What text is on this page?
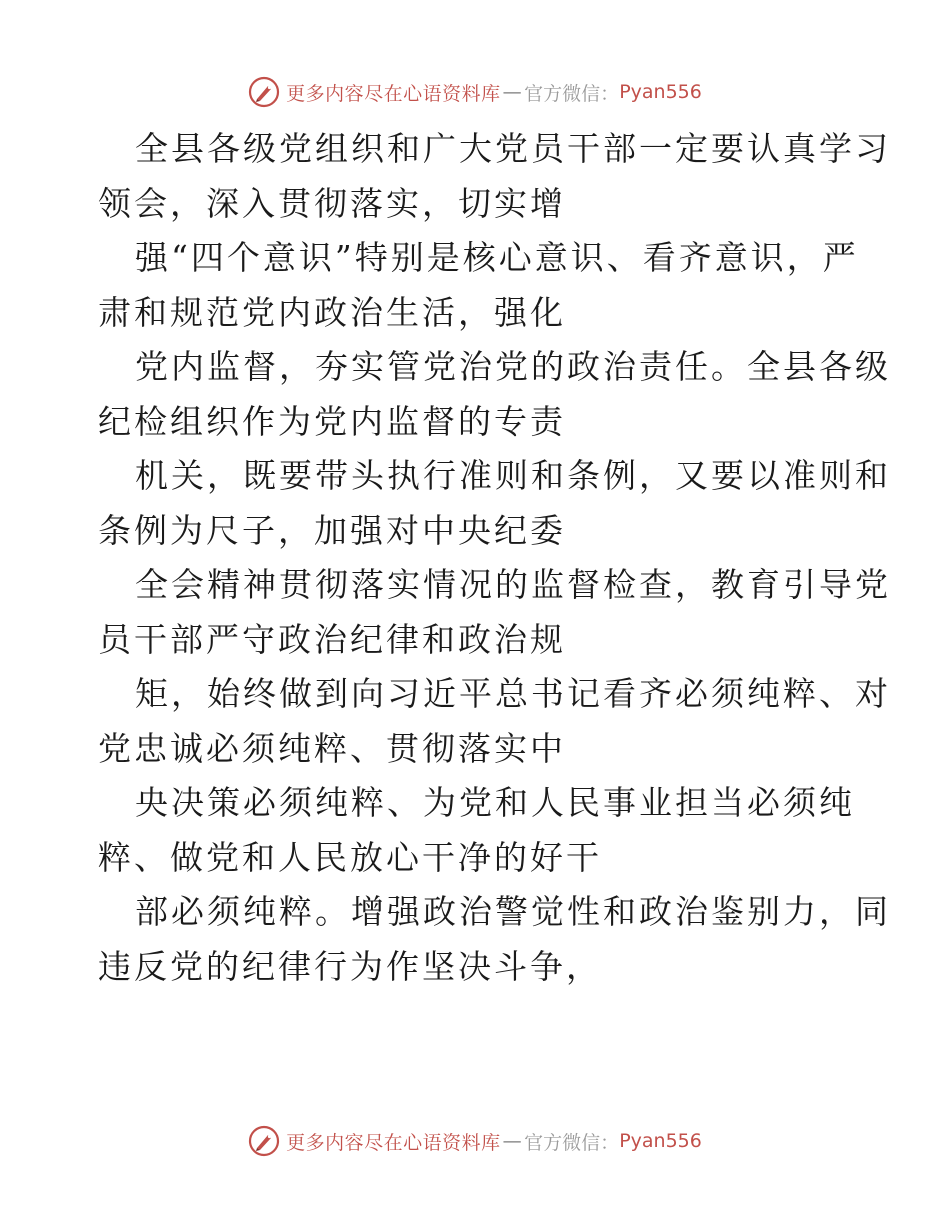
更多内容尽在心语资料库 — 官方微信： Pyan556
全县各级党组织和广大党员干部一定要认真学习
领会，深入贯彻落实，切实增
强“四个意识”特别是核心意识、看齐意识，严
肃和规范党内政治生活，强化
党内监督，夯实管党治党的政治责任。全县各级
纪检组织作为党内监督的专责
机关，既要带头执行准则和条例，又要以准则和
条例为尺子，加强对中央纪委
全会精神贯彻落实情况的监督检查，教育引导党
员干部严守政治纪律和政治规
矩，始终做到向习近平总书记看齐必须纯粹、对
党忠诚必须纯粹、贯彻落实中
央决策必须纯粹、为党和人民事业担当必须纯
粹、做党和人民放心干净的好干
部必须纯粹。增强政治警觉性和政治鉴别力，同
违反党的纪律行为作坚决斗争，
更多内容尽在心语资料库 — 官方微信： Pyan556
